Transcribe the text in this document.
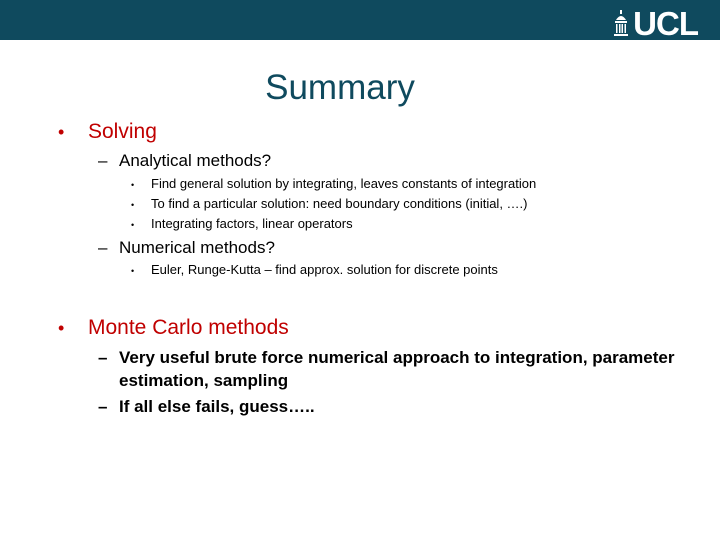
UCL
Summary
•	Solving
– Analytical methods?
•	Find general solution by integrating, leaves constants of integration
•	To find a particular solution: need boundary conditions (initial, ….)
•	Integrating factors, linear operators
– Numerical methods?
•	Euler, Runge-Kutta – find approx. solution for discrete points
•	Monte Carlo methods
– Very useful brute force numerical approach to integration, parameter estimation, sampling
– If all else fails, guess…..
